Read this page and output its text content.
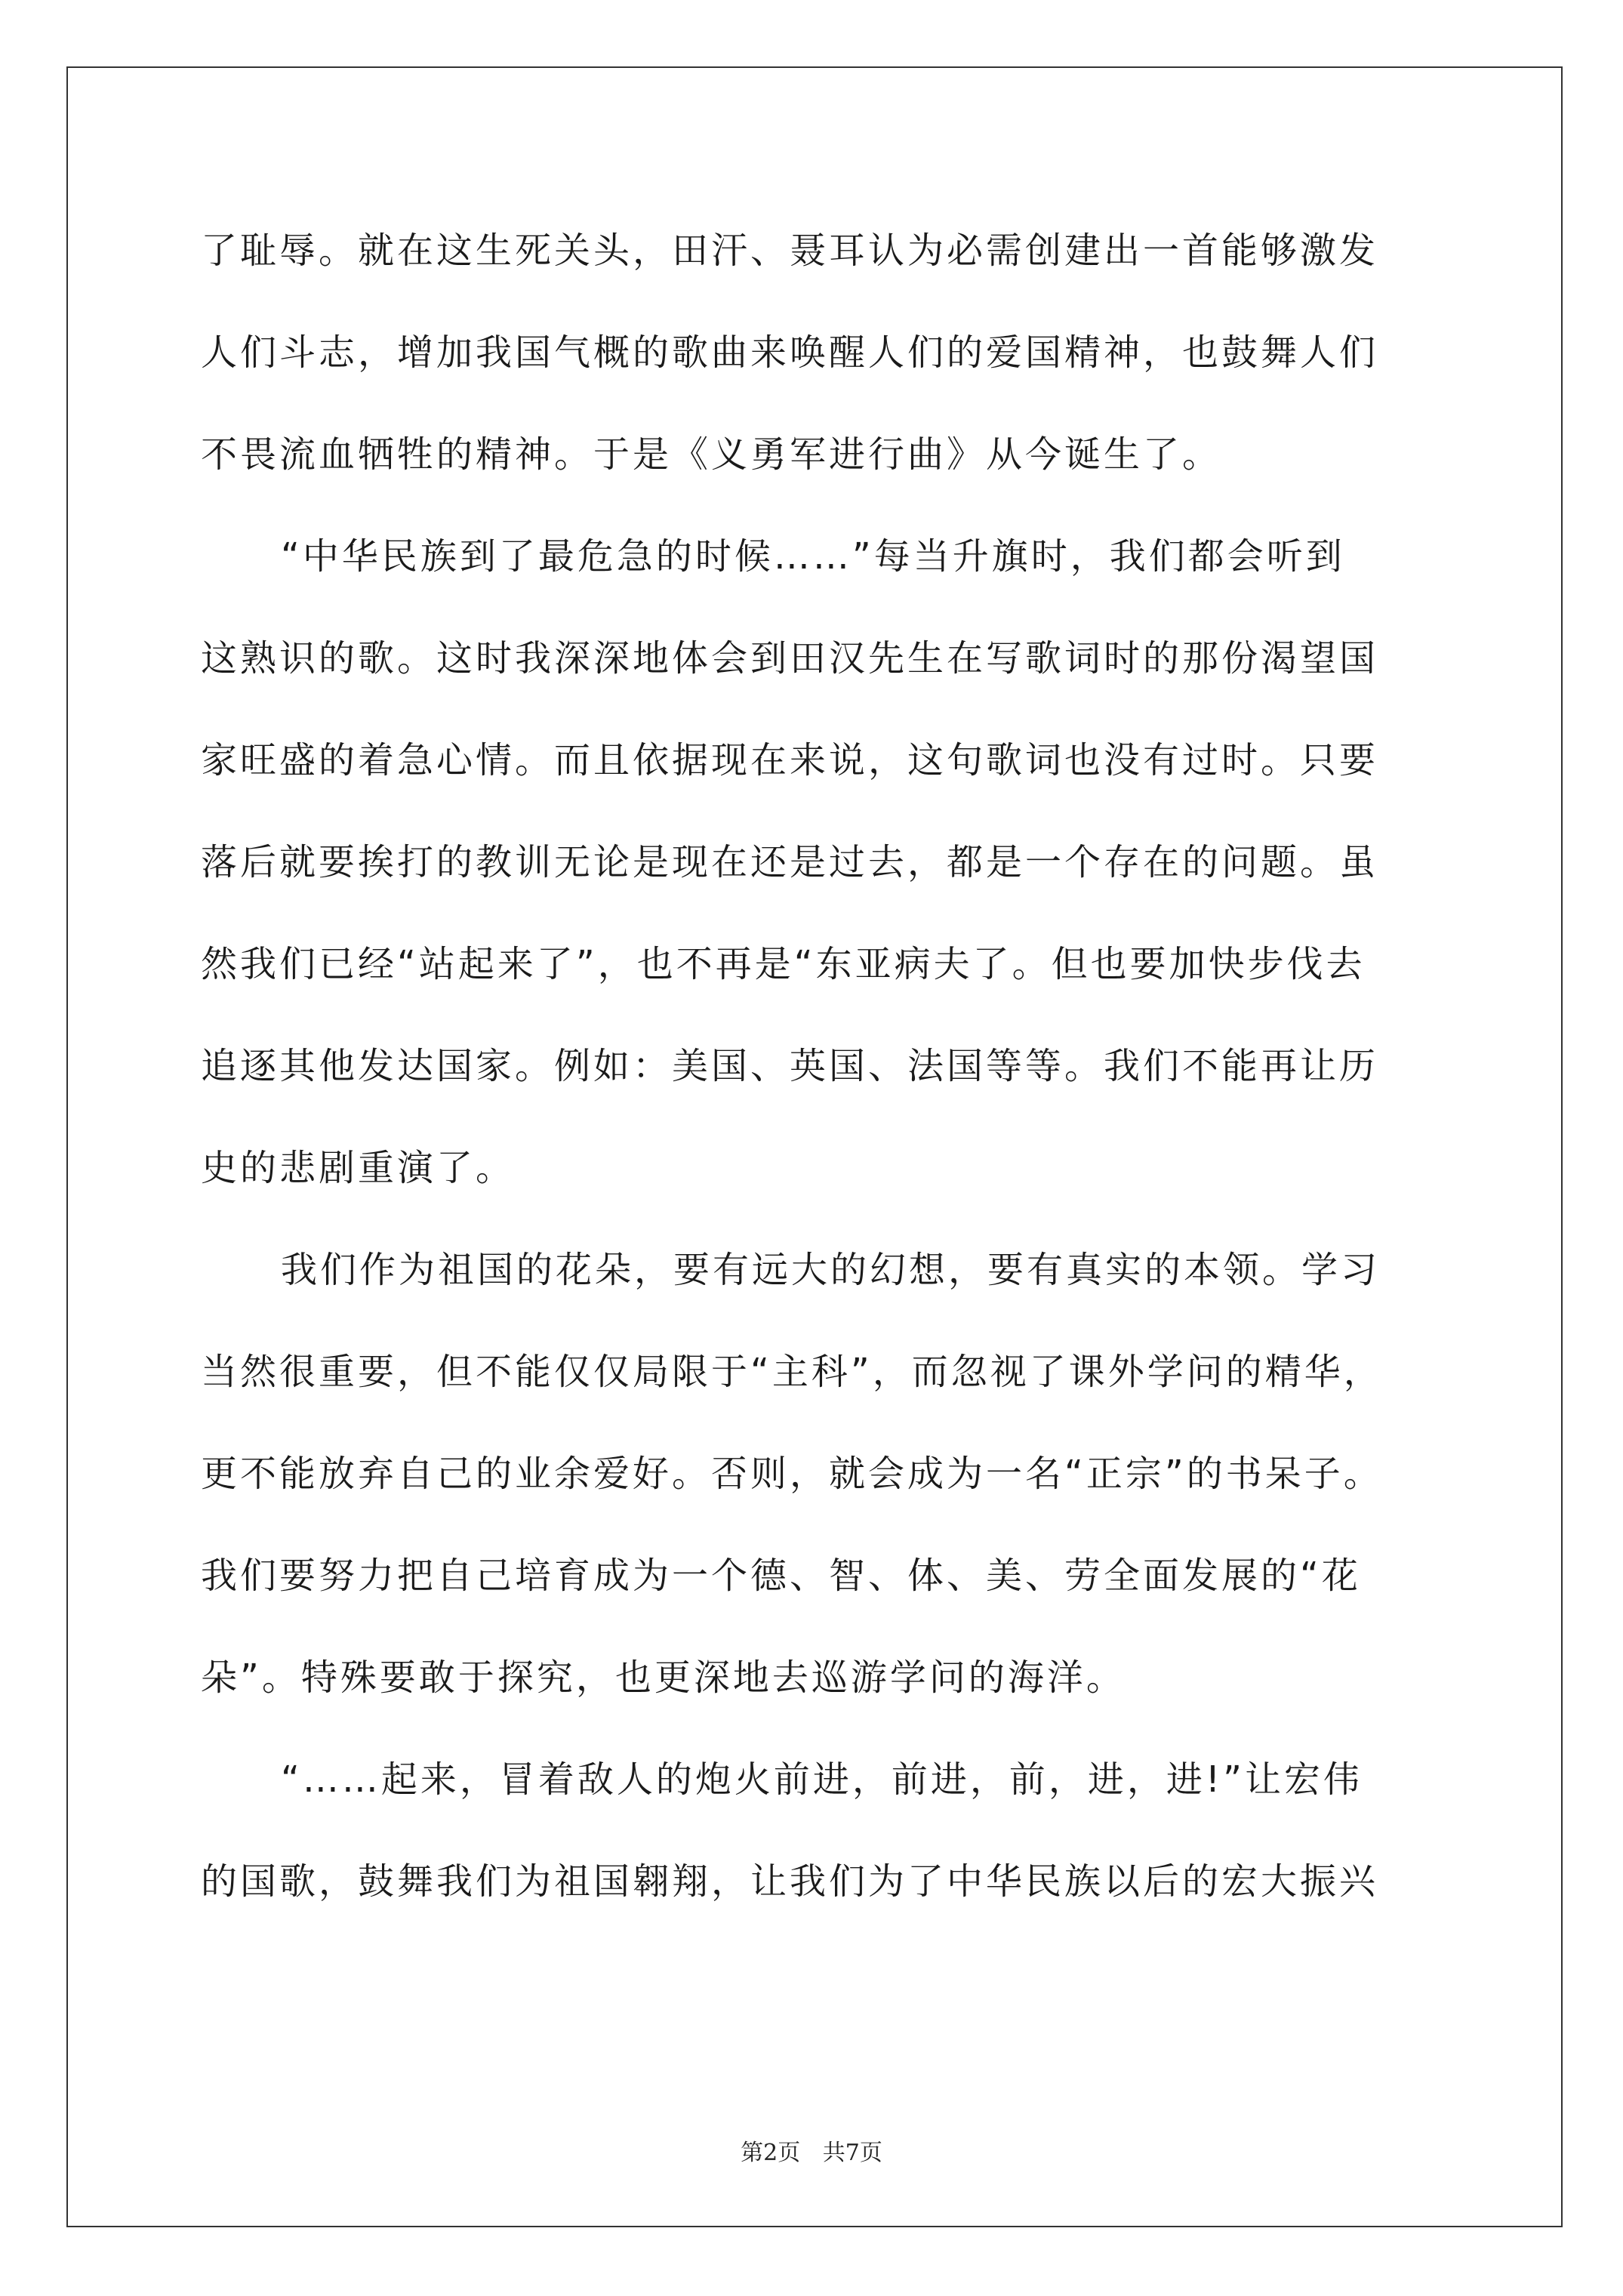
了耻辱。就在这生死关头，田汗、聂耳认为必需创建出一首能够激发
人们斗志，增加我国气概的歌曲来唤醒人们的爱国精神，也鼓舞人们
不畏流血牺牲的精神。于是《义勇军进行曲》从今诞生了。
“中华民族到了最危急的时候……”每当升旗时，我们都会听到
这熟识的歌。这时我深深地体会到田汉先生在写歌词时的那份渴望国
家旺盛的着急心情。而且依据现在来说，这句歌词也没有过时。只要
落后就要挨打的教训无论是现在还是过去，都是一个存在的问题。虽
然我们已经“站起来了”，也不再是“东亚病夫了。但也要加快步伐去
追逐其他发达国家。例如：美国、英国、法国等等。我们不能再让历
史的悲剧重演了。
我们作为祖国的花朵，要有远大的幻想，要有真实的本领。学习
当然很重要，但不能仅仅局限于“主科”，而忽视了课外学问的精华，
更不能放弃自己的业余爱好。否则，就会成为一名“正宗”的书呆子。
我们要努力把自己培育成为一个德、智、体、美、劳全面发展的“花
朵”。特殊要敢于探究，也更深地去巡游学问的海洋。
“……起来，冒着敌人的炮火前进，前进，前，进，进!”让宏伟
的国歌，鼓舞我们为祖国翱翔，让我们为了中华民族以后的宏大振兴
第2页 共7页
